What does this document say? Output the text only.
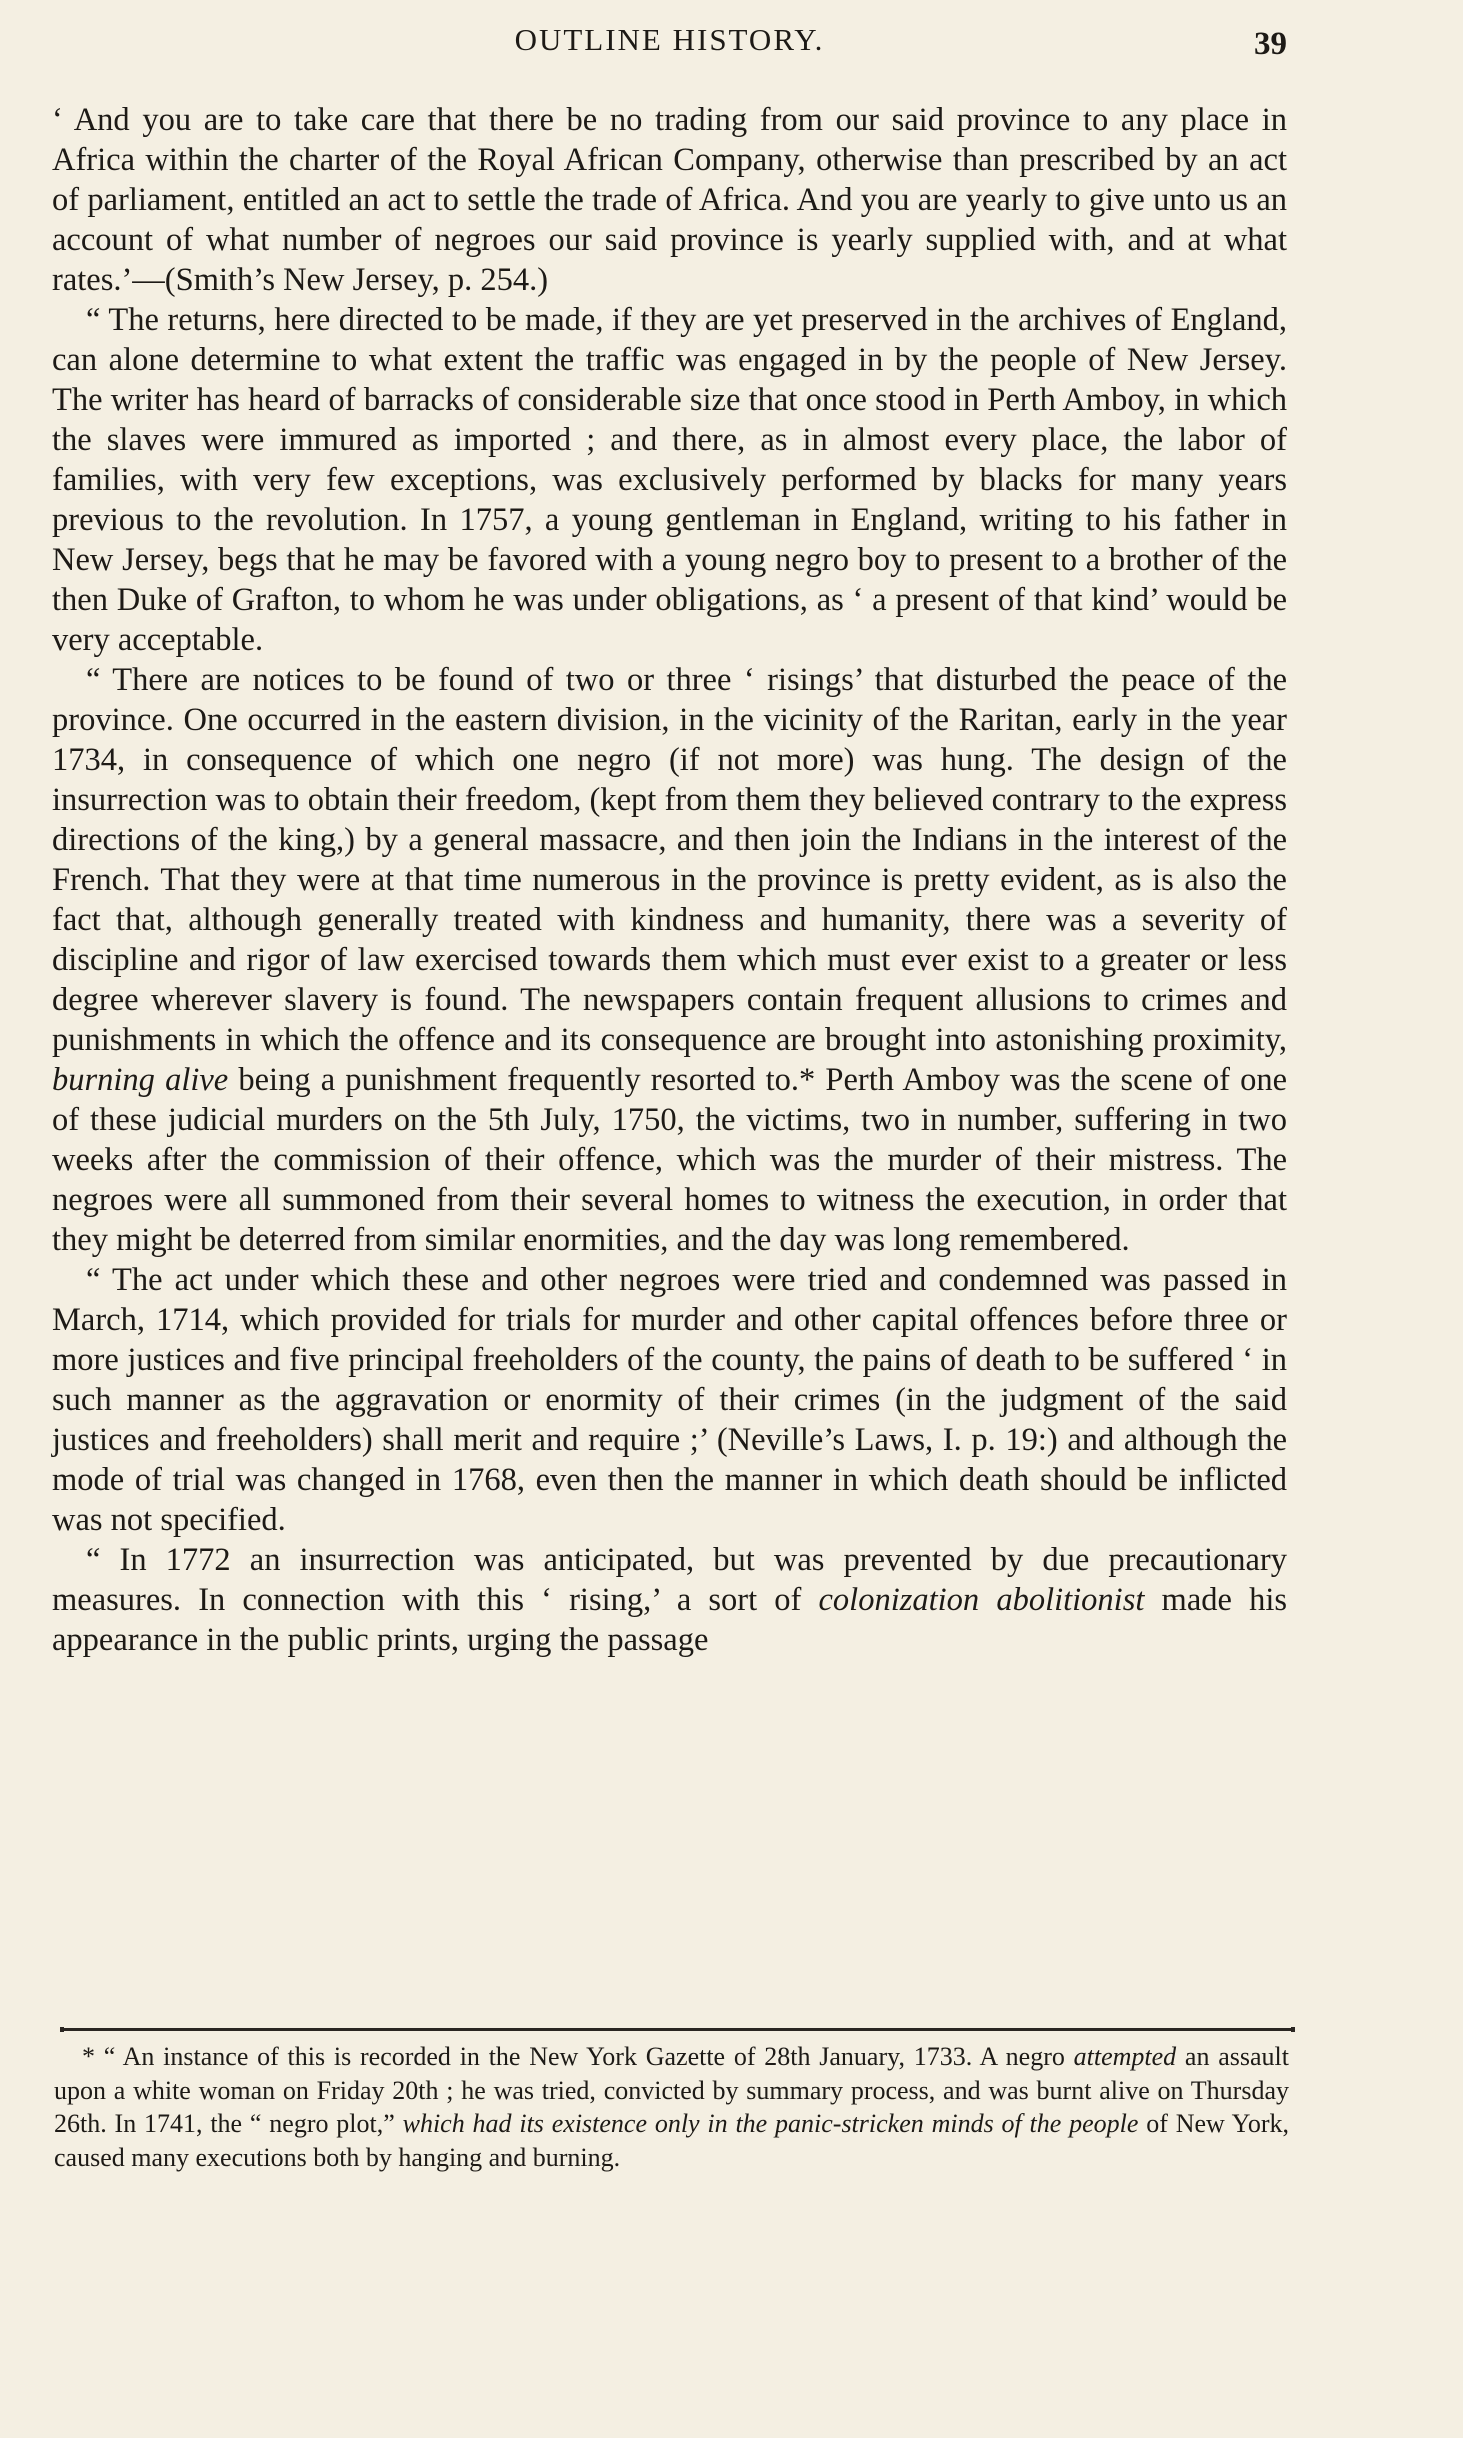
OUTLINE HISTORY.	39

‘ And you are to take care that there be no trading from our said province to any place in Africa within the charter of the Royal African Company, otherwise than prescribed by an act of parliament, entitled an act to settle the trade of Africa. And you are yearly to give unto us an account of what number of negroes our said province is yearly supplied with, and at what rates.’—(Smith’s New Jersey, p. 254.)

“ The returns, here directed to be made, if they are yet preserved in the archives of England, can alone determine to what extent the traffic was engaged in by the people of New Jersey. The writer has heard of barracks of considerable size that once stood in Perth Amboy, in which the slaves were immured as imported ; and there, as in almost every place, the labor of families, with very few exceptions, was exclusively performed by blacks for many years previous to the revolution. In 1757, a young gentleman in England, writing to his father in New Jersey, begs that he may be favored with a young negro boy to present to a brother of the then Duke of Grafton, to whom he was under obligations, as ‘ a present of that kind’ would be very acceptable.

“ There are notices to be found of two or three ‘ risings’ that disturbed the peace of the province. One occurred in the eastern division, in the vicinity of the Raritan, early in the year 1734, in consequence of which one negro (if not more) was hung. The design of the insurrection was to obtain their freedom, (kept from them they believed contrary to the express directions of the king,) by a general massacre, and then join the Indians in the interest of the French. That they were at that time numerous in the province is pretty evident, as is also the fact that, although generally treated with kindness and humanity, there was a severity of discipline and rigor of law exercised towards them which must ever exist to a greater or less degree wherever slavery is found. The newspapers contain frequent allusions to crimes and punishments in which the offence and its consequence are brought into astonishing proximity, burning alive being a punishment frequently resorted to.* Perth Amboy was the scene of one of these judicial murders on the 5th July, 1750, the victims, two in number, suffering in two weeks after the commission of their offence, which was the murder of their mistress. The negroes were all summoned from their several homes to witness the execution, in order that they might be deterred from similar enormities, and the day was long remembered.

“ The act under which these and other negroes were tried and condemned was passed in March, 1714, which provided for trials for murder and other capital offences before three or more justices and five principal freeholders of the county, the pains of death to be suffered ‘ in such manner as the aggravation or enormity of their crimes (in the judgment of the said justices and freeholders) shall merit and require ;’ (Neville’s Laws, I. p. 19:) and although the mode of trial was changed in 1768, even then the manner in which death should be inflicted was not specified.

“ In 1772 an insurrection was anticipated, but was prevented by due precautionary measures. In connection with this ‘ rising,’ a sort of colonization abolitionist made his appearance in the public prints, urging the passage

* “ An instance of this is recorded in the New York Gazette of 28th January, 1733. A negro attempted an assault upon a white woman on Friday 20th ; he was tried, convicted by summary process, and was burnt alive on Thursday 26th. In 1741, the “ negro plot,” which had its existence only in the panic-stricken minds of the people of New York, caused many executions both by hanging and burning.
